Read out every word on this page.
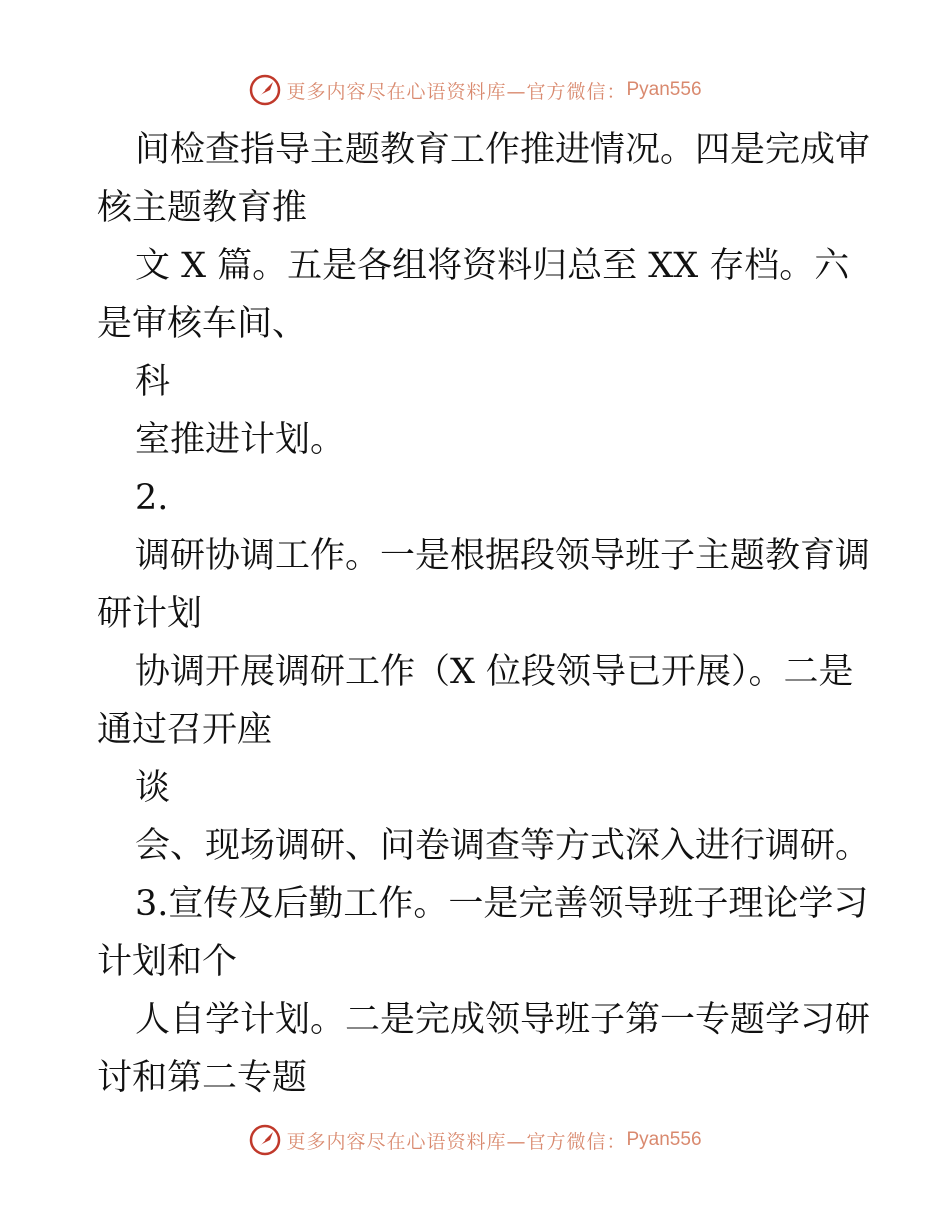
更多内容尽在心语资料库—官方微信： Pyan556
间检查指导主题教育工作推进情况。四是完成审
核主题教育推
文 X 篇。五是各组将资料归总至 XX 存档。六
是审核车间、
科
室推进计划。
2.
调研协调工作。一是根据段领导班子主题教育调
研计划
协调开展调研工作（X 位段领导已开展）。二是
通过召开座
谈
会、现场调研、问卷调查等方式深入进行调研。
3.宣传及后勤工作。一是完善领导班子理论学习
计划和个
人自学计划。二是完成领导班子第一专题学习研
讨和第二专题
更多内容尽在心语资料库—官方微信： Pyan556
